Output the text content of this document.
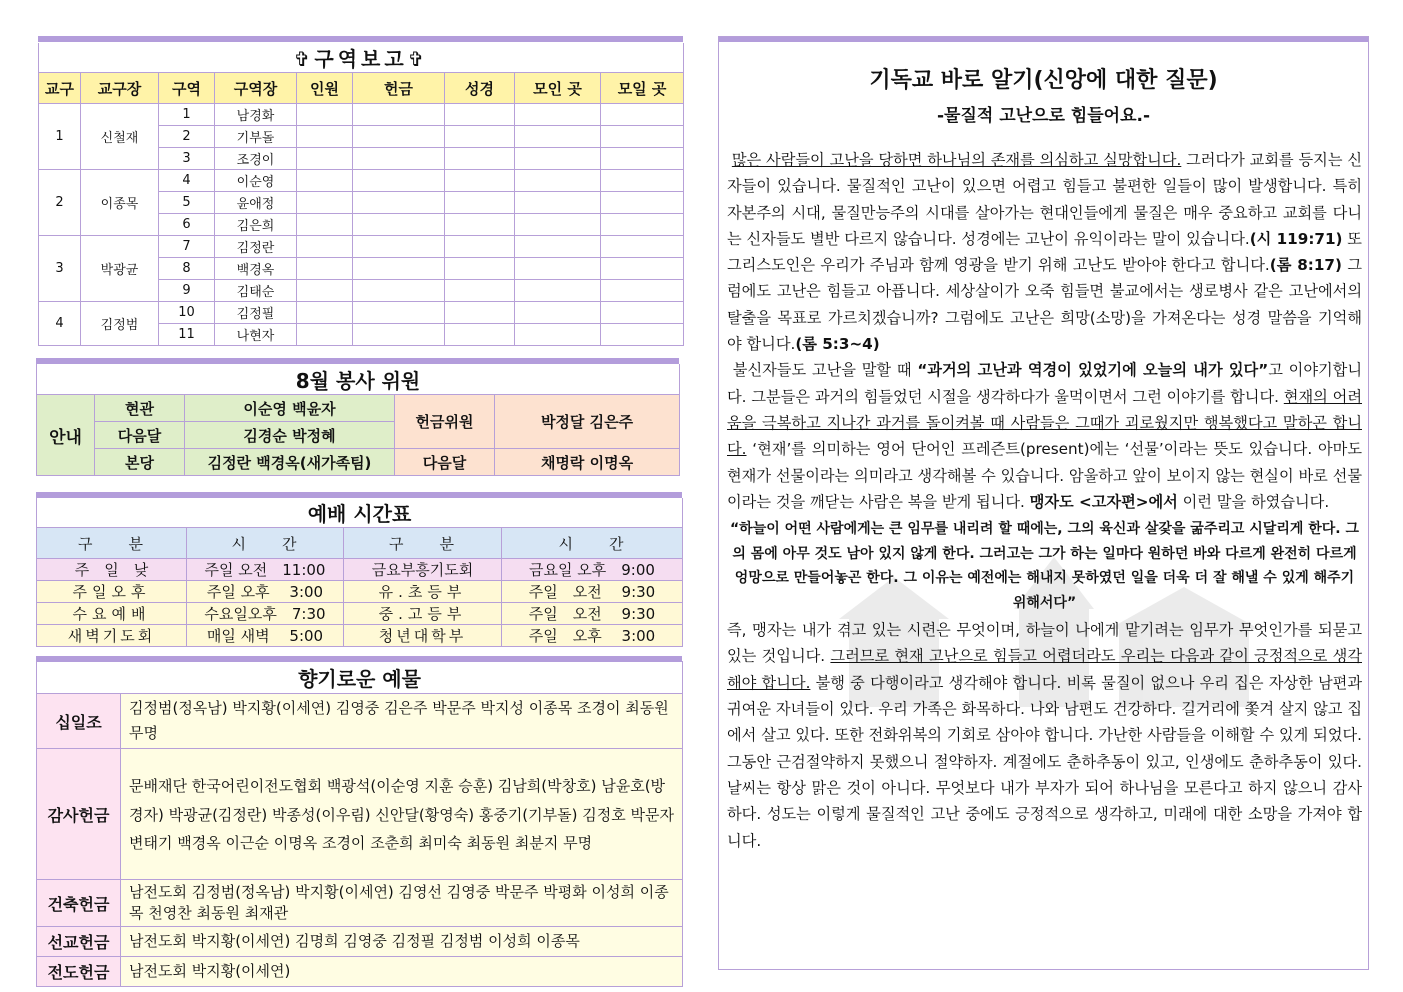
✞구역보고✞								
교구	교구장	구역	구역장	인원	헌금	성경	모인 곳	모일 곳
1	신철재	1	남경화					
		2	기부돌					
		3	조경이					
2	이종목	4	이순영					
		5	윤애정					
		6	김은희					
3	박광균	7	김정란					
		8	백경옥					
		9	김태순					
4	김정범	10	김정필					
		11	나현자					
8월 봉사 위원				
안내	현관	이순영 백윤자	헌금위원	박정달 김은주
	다음달	김경순 박정혜		
	본당	김정란 백경옥(새가족팀)	다음달	채명락 이명옥
예배 시간표			
구　　분	시　　간	구　　분	시　　간
주　일　낮	주일 오전　11:00	금요부흥기도회	금요일 오후　9:00
주일오후	주일 오후　 3:00	유.초등부	주일　오전　 9:30
수요예배	수요일오후　7:30	중.고등부	주일　오전　 9:30
새벽기도회	매일 새벽　 5:00	청년대학부	주일　오후　 3:00
향기로운 예물	
십일조	김정범(정옥남) 박지황(이세연) 김영중 김은주 박문주 박지성 이종목 조경이 최동원 무명
감사헌금	문배재단 한국어린이전도협회 백광석(이순영 지훈 승훈) 김남희(박창호) 남윤호(방경자) 박광균(김정란) 박종성(이우림) 신안달(황영숙) 홍중기(기부돌) 김정호 박문자 변태기 백경옥 이근순 이명옥 조경이 조춘희 최미숙 최동원 최분지 무명
건축헌금	남전도회 김정범(정옥남) 박지황(이세연) 김영선 김영중 박문주 박평화 이성희 이종목 천영찬 최동원 최재관
선교헌금	남전도회 박지황(이세연) 김명희 김영중 김정필 김정범 이성희 이종목
전도헌금	남전도회 박지황(이세연)
기독교 바로 알기(신앙에 대한 질문)
-물질적 고난으로 힘들어요.-

많은 사람들이 고난을 당하면 하나님의 존재를 의심하고 실망합니다. 그러다가 교회를 등지는 신자들이 있습니다. 물질적인 고난이 있으면 어렵고 힘들고 불편한 일들이 많이 발생합니다. 특히 자본주의 시대, 물질만능주의 시대를 살아가는 현대인들에게 물질은 매우 중요하고 교회를 다니는 신자들도 별반 다르지 않습니다. 성경에는 고난이 유익이라는 말이 있습니다.(시 119:71) 또 그리스도인은 우리가 주님과 함께 영광을 받기 위해 고난도 받아야 한다고 합니다.(롬 8:17) 그럼에도 고난은 힘들고 아픕니다. 세상살이가 오죽 힘들면 불교에서는 생로병사 같은 고난에서의 탈출을 목표로 가르치겠습니까? 그럼에도 고난은 희망(소망)을 가져온다는 성경 말씀을 기억해야 합니다.(롬 5:3~4)

불신자들도 고난을 말할 때 “과거의 고난과 역경이 있었기에 오늘의 내가 있다”고 이야기합니다. 그분들은 과거의 힘들었던 시절을 생각하다가 울먹이면서 그런 이야기를 합니다. 현재의 어려움을 극복하고 지나간 과거를 돌이켜볼 때 사람들은 그때가 괴로웠지만 행복했다고 말하곤 합니다. ‘현재’를 의미하는 영어 단어인 프레즌트(present)에는 ‘선물’이라는 뜻도 있습니다. 아마도 현재가 선물이라는 의미라고 생각해볼 수 있습니다. 암울하고 앞이 보이지 않는 현실이 바로 선물이라는 것을 깨닫는 사람은 복을 받게 됩니다. 맹자도 <고자편>에서 이런 말을 하였습니다.

“하늘이 어떤 사람에게는 큰 임무를 내리려 할 때에는, 그의 육신과 살갗을 굶주리고 시달리게 한다. 그의 몸에 아무 것도 남아 있지 않게 한다. 그러고는 그가 하는 일마다 원하던 바와 다르게 완전히 다르게 엉망으로 만들어놓곤 한다. 그 이유는 예전에는 해내지 못하였던 일을 더욱 더 잘 해낼 수 있게 해주기 위해서다”

즉, 맹자는 내가 겪고 있는 시련은 무엇이며, 하늘이 나에게 맡기려는 임무가 무엇인가를 되묻고 있는 것입니다. 그러므로 현재 고난으로 힘들고 어렵더라도 우리는 다음과 같이 긍정적으로 생각해야 합니다. 불행 중 다행이라고 생각해야 합니다. 비록 물질이 없으나 우리 집은 자상한 남편과 귀여운 자녀들이 있다. 우리 가족은 화목하다. 나와 남편도 건강하다. 길거리에 쫓겨 살지 않고 집에서 살고 있다. 또한 전화위복의 기회로 삼아야 합니다. 가난한 사람들을 이해할 수 있게 되었다. 그동안 근검절약하지 못했으니 절약하자. 계절에도 춘하추동이 있고, 인생에도 춘하추동이 있다. 날씨는 항상 맑은 것이 아니다. 무엇보다 내가 부자가 되어 하나님을 모른다고 하지 않으니 감사하다. 성도는 이렇게 물질적인 고난 중에도 긍정적으로 생각하고, 미래에 대한 소망을 가져야 합니다.
